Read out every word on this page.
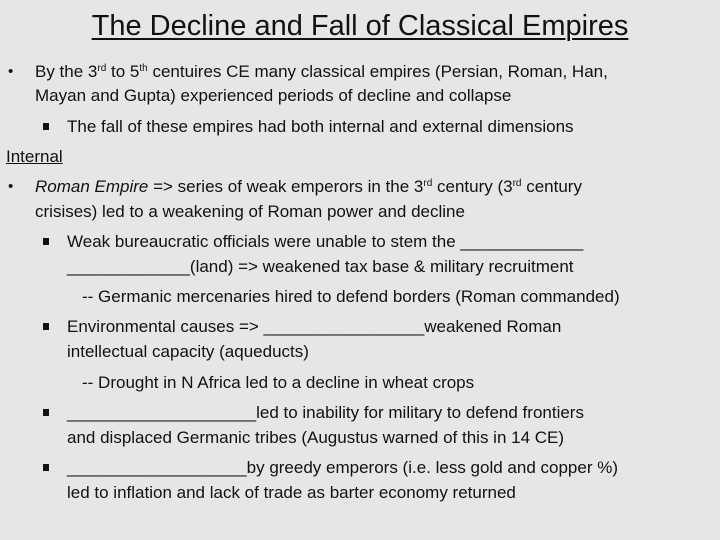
The Decline and Fall of Classical Empires
• By the 3rd to 5th centuires CE many classical empires (Persian, Roman, Han,
Mayan and Gupta) experienced periods of decline and collapse
The fall of these empires had both internal and external dimensions
Internal
• Roman Empire => series of weak emperors in the 3rd century (3rd century
crisises) led to a weakening of Roman power and decline
Weak bureaucratic officials were unable to stem the _____________
_____________(land) => weakened tax base & military recruitment
-- Germanic mercenaries hired to defend borders (Roman commanded)
Environmental causes => _________________weakened Roman
intellectual capacity (aqueducts)
-- Drought in N Africa led to a decline in wheat crops
____________________led to inability for military to defend frontiers
and displaced Germanic tribes (Augustus warned of this in 14 CE)
___________________by greedy emperors (i.e. less gold and copper %)
led to inflation and lack of trade as barter economy returned
